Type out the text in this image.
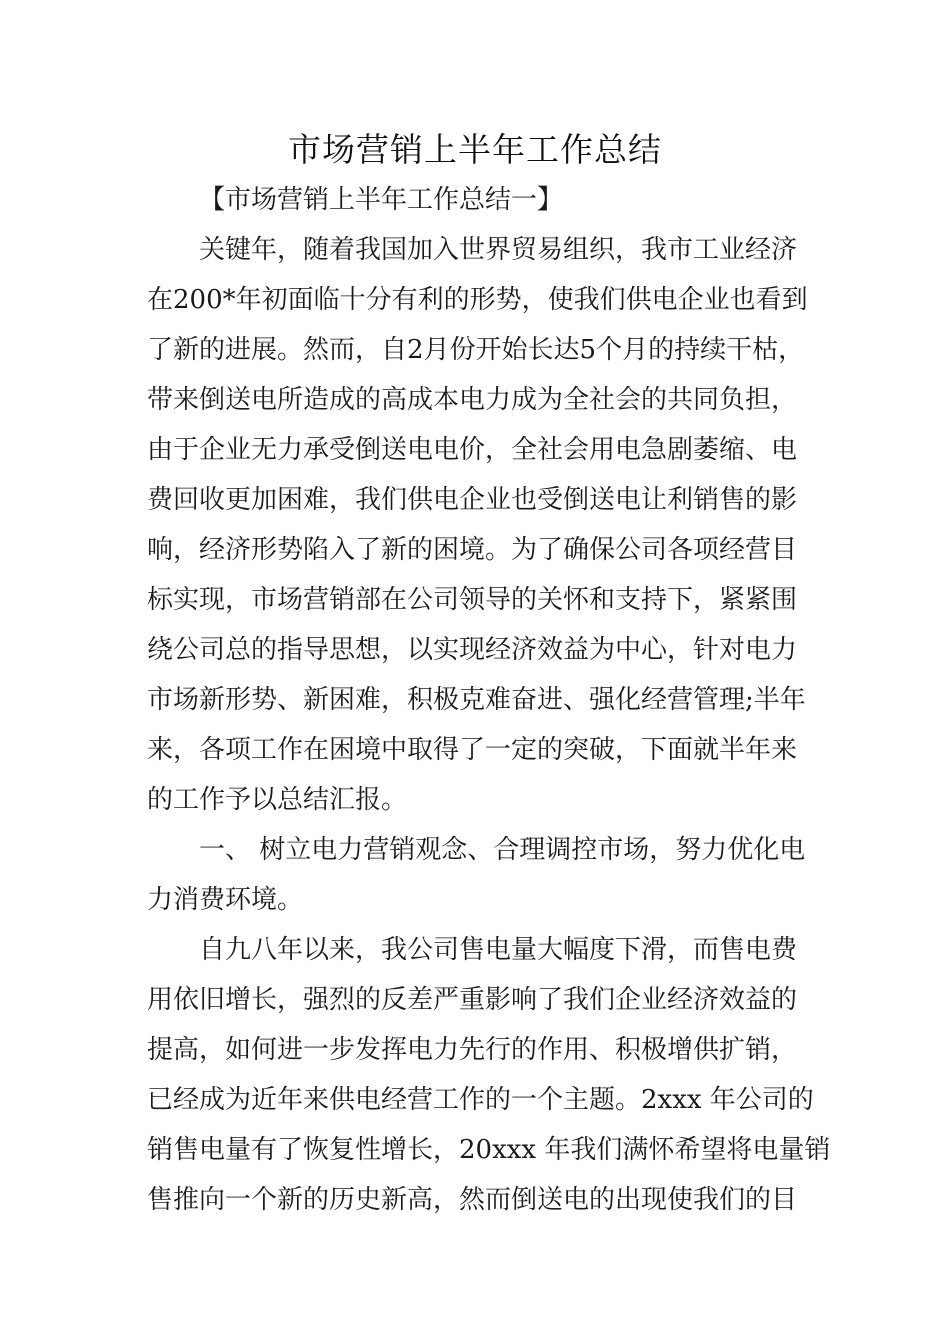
市场营销上半年工作总结
【市场营销上半年工作总结一】
关键年，随着我国加入世界贸易组织，我市工业经济
在200*年初面临十分有利的形势，使我们供电企业也看到
了新的进展。然而，自2月份开始长达5个月的持续干枯，
带来倒送电所造成的高成本电力成为全社会的共同负担，
由于企业无力承受倒送电电价，全社会用电急剧萎缩、电
费回收更加困难，我们供电企业也受倒送电让利销售的影
响，经济形势陷入了新的困境。为了确保公司各项经营目
标实现，市场营销部在公司领导的关怀和支持下，紧紧围
绕公司总的指导思想，以实现经济效益为中心，针对电力
市场新形势、新困难，积极克难奋进、强化经营管理;半年
来，各项工作在困境中取得了一定的突破，下面就半年来
的工作予以总结汇报。
一、 树立电力营销观念、合理调控市场，努力优化电
力消费环境。
自九八年以来，我公司售电量大幅度下滑，而售电费
用依旧增长，强烈的反差严重影响了我们企业经济效益的
提高，如何进一步发挥电力先行的作用、积极增供扩销，
已经成为近年来供电经营工作的一个主题。2xxx 年公司的
销售电量有了恢复性增长，20xxx 年我们满怀希望将电量销
售推向一个新的历史新高，然而倒送电的出现使我们的目
